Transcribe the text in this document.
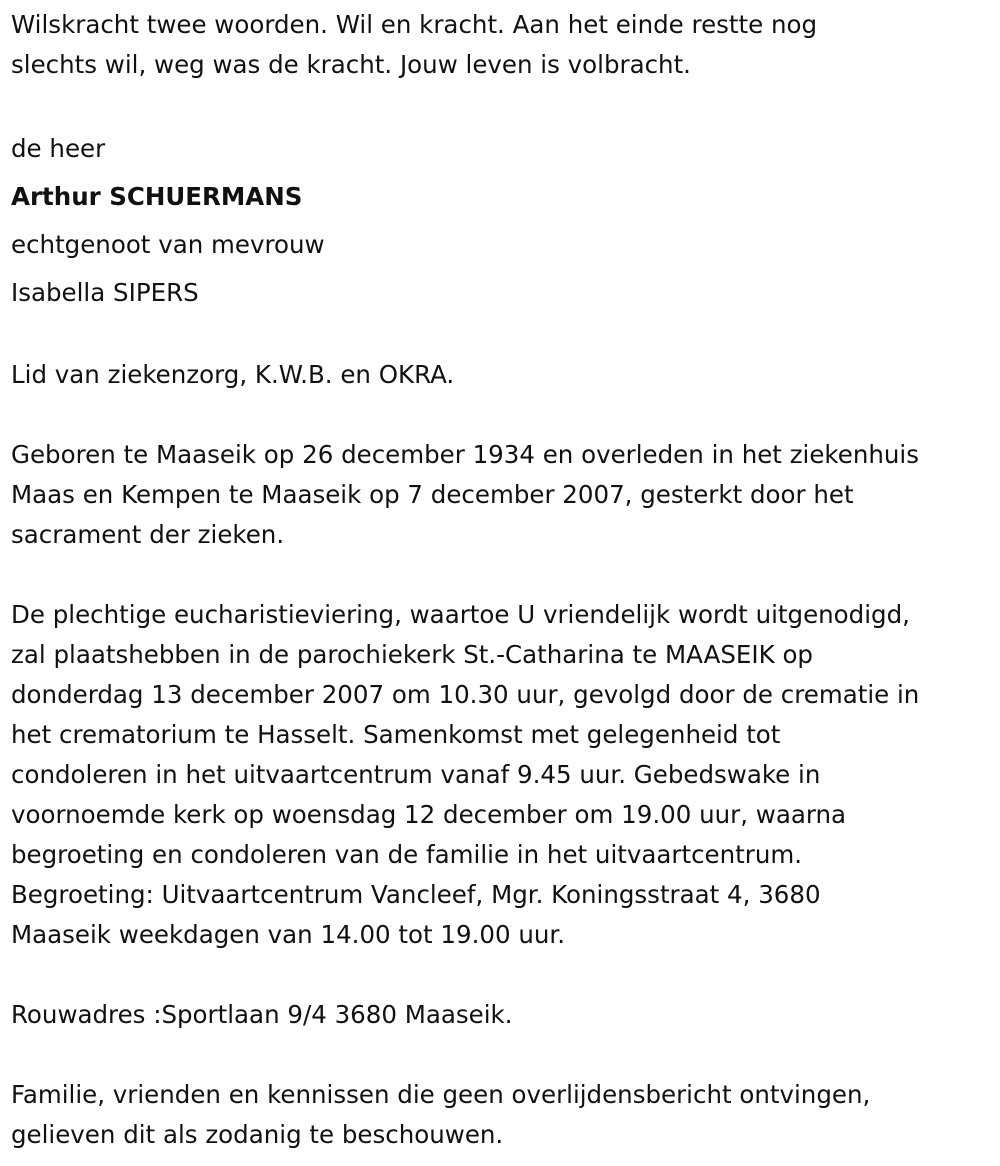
Wilskracht twee woorden. Wil en kracht. Aan het einde restte nog
slechts wil, weg was de kracht. Jouw leven is volbracht.

de heer

Arthur SCHUERMANS

echtgenoot van mevrouw

Isabella SIPERS

Lid van ziekenzorg, K.W.B. en OKRA.

Geboren te Maaseik op 26 december 1934 en overleden in het ziekenhuis
Maas en Kempen te Maaseik op 7 december 2007, gesterkt door het
sacrament der zieken.

De plechtige eucharistieviering, waartoe U vriendelijk wordt uitgenodigd,
zal plaatshebben in de parochiekerk St.-Catharina te MAASEIK op
donderdag 13 december 2007 om 10.30 uur, gevolgd door de crematie in
het crematorium te Hasselt. Samenkomst met gelegenheid tot
condoleren in het uitvaartcentrum vanaf 9.45 uur. Gebedswake in
voornoemde kerk op woensdag 12 december om 19.00 uur, waarna
begroeting en condoleren van de familie in het uitvaartcentrum.
Begroeting: Uitvaartcentrum Vancleef, Mgr. Koningsstraat 4, 3680
Maaseik weekdagen van 14.00 tot 19.00 uur.

Rouwadres :Sportlaan 9/4 3680 Maaseik.

Familie, vrienden en kennissen die geen overlijdensbericht ontvingen,
gelieven dit als zodanig te beschouwen.
